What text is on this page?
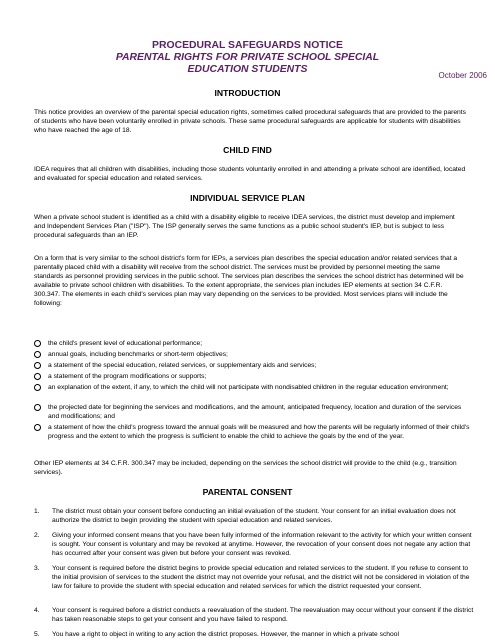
PROCEDURAL SAFEGUARDS NOTICE
PARENTAL RIGHTS FOR PRIVATE SCHOOL SPECIAL
EDUCATION STUDENTS
October 2006
INTRODUCTION

This notice provides an overview of the parental special education rights, sometimes called procedural safeguards that are provided to the parents of students who have been voluntarily enrolled in private schools. These same procedural safeguards are applicable for students with disabilities who have reached the age of 18.

CHILD FIND

IDEA requires that all children with disabilities, including those students voluntarily enrolled in and attending a private school are identified, located and evaluated for special education and related services.

INDIVIDUAL SERVICE PLAN

When a private school student is identified as a child with a disability eligible to receive IDEA services, the district must develop and implement and Independent Services Plan ("ISP"). The ISP generally serves the same functions as a public school student's IEP, but is subject to less procedural safeguards than an IEP.

On a form that is very similar to the school district's form for IEPs, a services plan describes the special education and/or related services that a parentally placed child with a disability will receive from the school district. The services must be provided by personnel meeting the same standards as personnel providing services in the public school. The services plan describes the services the school district has determined will be available to private school children with disabilities. To the extent appropriate, the services plan includes IEP elements at section 34 C.F.R. 300.347. The elements in each child's services plan may vary depending on the services to be provided. Most services plans will include the following:

the child's present level of educational performance;
annual goals, including benchmarks or short-term objectives;
a statement of the special education, related services, or supplementary aids and services;
a statement of the program modifications or supports;
an explanation of the extent, if any, to which the child will not participate with nondisabled children in the regular education environment;
the projected date for beginning the services and modifications, and the amount, anticipated frequency, location and duration of the services and modifications; and
a statement of how the child's progress toward the annual goals will be measured and how the parents will be regularly informed of their child's progress and the extent to which the progress is sufficient to enable the child to achieve the goals by the end of the year.

Other IEP elements at 34 C.F.R. 300.347 may be included, depending on the services the school district will provide to the child (e.g., transition services).

PARENTAL CONSENT
1. The district must obtain your consent before conducting an initial evaluation of the student. Your consent for an initial evaluation does not authorize the district to begin providing the student with special education and related services.
2. Giving your informed consent means that you have been fully informed of the information relevant to the activity for which your written consent is sought. Your consent is voluntary and may be revoked at anytime. However, the revocation of your consent does not negate any action that has occurred after your consent was given but before your consent was revoked.
3. Your consent is required before the district begins to provide special education and related services to the student. If you refuse to consent to the initial provision of services to the student the district may not override your refusal, and the district will not be considered in violation of the law for failure to provide the student with special education and related services for which the district requested your consent.
4. Your consent is required before a district conducts a reevaluation of the student. The reevaluation may occur without your consent if the district has taken reasonable steps to get your consent and you have failed to respond.
5. You have a right to object in writing to any action the district proposes. However, the manner in which a private school
